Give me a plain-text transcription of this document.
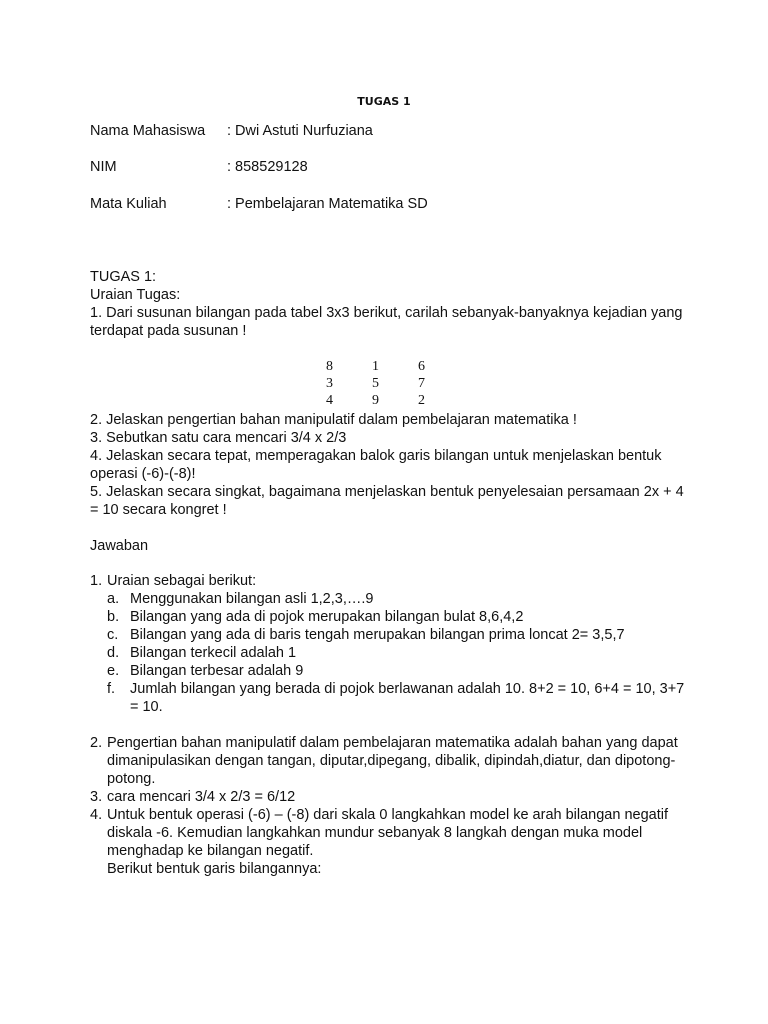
TUGAS 1
Nama Mahasiswa : Dwi Astuti Nurfuziana
NIM	: 858529128
Mata Kuliah	: Pembelajaran Matematika SD

TUGAS 1:

Uraian Tugas:

1. Dari susunan bilangan pada tabel 3x3 berikut, carilah sebanyak-banyaknya kejadian yang terdapat pada susunan !

8	1	6
3	5	7
4	9	2

2. Jelaskan pengertian bahan manipulatif dalam pembelajaran matematika !

3. Sebutkan satu cara mencari 3/4 x 2/3

4. Jelaskan secara tepat, memperagakan balok garis bilangan untuk menjelaskan bentuk operasi (-6)-(-8)!

5. Jelaskan secara singkat, bagaimana menjelaskan bentuk penyelesaian persamaan 2x + 4 = 10 secara kongret !

Jawaban
1. Uraian sebagai berikut:
a. Menggunakan bilangan asli 1,2,3,….9
b. Bilangan yang ada di pojok merupakan bilangan bulat 8,6,4,2
c. Bilangan yang ada di baris tengah merupakan bilangan prima loncat 2= 3,5,7
d. Bilangan terkecil adalah 1
e. Bilangan terbesar adalah 9
f.	Jumlah bilangan yang berada di pojok berlawanan adalah 10. 8+2 = 10, 6+4 = 10, 3+7 = 10.
2. Pengertian bahan manipulatif dalam pembelajaran matematika adalah bahan yang dapat dimanipulasikan dengan tangan, diputar,dipegang, dibalik, dipindah,diatur, dan dipotong-potong.
3. cara mencari 3/4 x 2/3 = 6/12
4. Untuk bentuk operasi (-6) – (-8) dari skala 0 langkahkan model ke arah bilangan negatif diskala -6. Kemudian langkahkan mundur sebanyak 8 langkah dengan muka model menghadap ke bilangan negatif.

Berikut bentuk garis bilangannya:
